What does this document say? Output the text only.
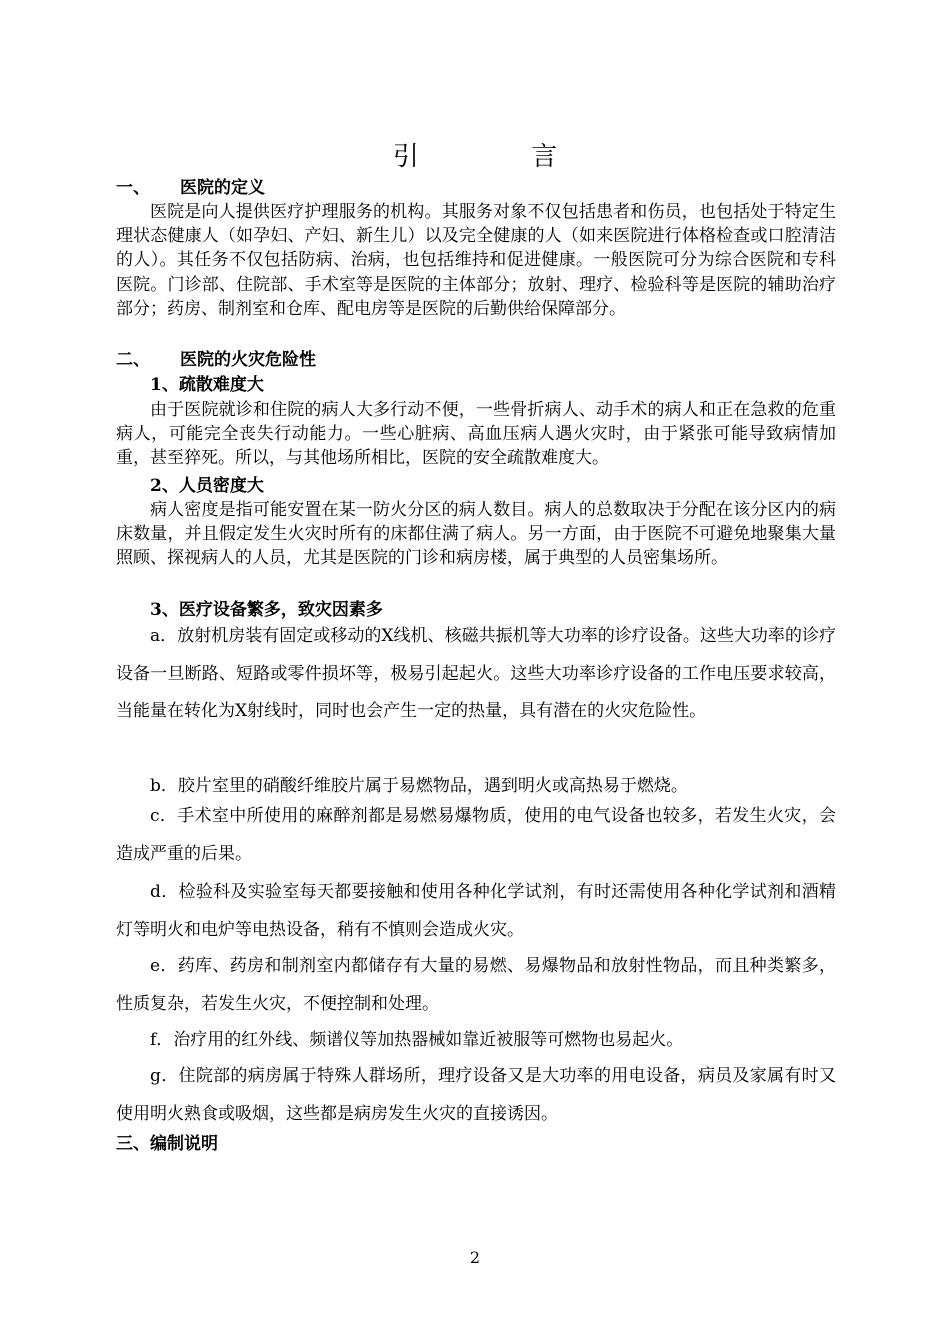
引 言
一、 医院的定义
医院是向人提供医疗护理服务的机构。其服务对象不仅包括患者和伤员，也包括处于特定生理状态健康人（如孕妇、产妇、新生儿）以及完全健康的人（如来医院进行体格检查或口腔清洁的人）。其任务不仅包括防病、治病，也包括维持和促进健康。一般医院可分为综合医院和专科医院。门诊部、住院部、手术室等是医院的主体部分；放射、理疗、检验科等是医院的辅助治疗部分；药房、制剂室和仓库、配电房等是医院的后勤供给保障部分。
二、 医院的火灾危险性
1、疏散难度大
由于医院就诊和住院的病人大多行动不便，一些骨折病人、动手术的病人和正在急救的危重病人，可能完全丧失行动能力。一些心脏病、高血压病人遇火灾时，由于紧张可能导致病情加重，甚至猝死。所以，与其他场所相比，医院的安全疏散难度大。
2、人员密度大
病人密度是指可能安置在某一防火分区的病人数目。病人的总数取决于分配在该分区内的病床数量，并且假定发生火灾时所有的床都住满了病人。另一方面，由于医院不可避免地聚集大量照顾、探视病人的人员，尤其是医院的门诊和病房楼，属于典型的人员密集场所。
3、医疗设备繁多，致灾因素多
a．放射机房装有固定或移动的X线机、核磁共振机等大功率的诊疗设备。这些大功率的诊疗设备一旦断路、短路或零件损坏等，极易引起起火。这些大功率诊疗设备的工作电压要求较高，当能量在转化为X射线时，同时也会产生一定的热量，具有潜在的火灾危险性。
b．胶片室里的硝酸纤维胶片属于易燃物品，遇到明火或高热易于燃烧。
c．手术室中所使用的麻醉剂都是易燃易爆物质，使用的电气设备也较多，若发生火灾，会造成严重的后果。
d．检验科及实验室每天都要接触和使用各种化学试剂，有时还需使用各种化学试剂和酒精灯等明火和电炉等电热设备，稍有不慎则会造成火灾。
e．药库、药房和制剂室内都储存有大量的易燃、易爆物品和放射性物品，而且种类繁多，性质复杂，若发生火灾，不便控制和处理。
f．治疗用的红外线、频谱仪等加热器械如靠近被服等可燃物也易起火。
g．住院部的病房属于特殊人群场所，理疗设备又是大功率的用电设备，病员及家属有时又使用明火熟食或吸烟，这些都是病房发生火灾的直接诱因。
三、编制说明
2
